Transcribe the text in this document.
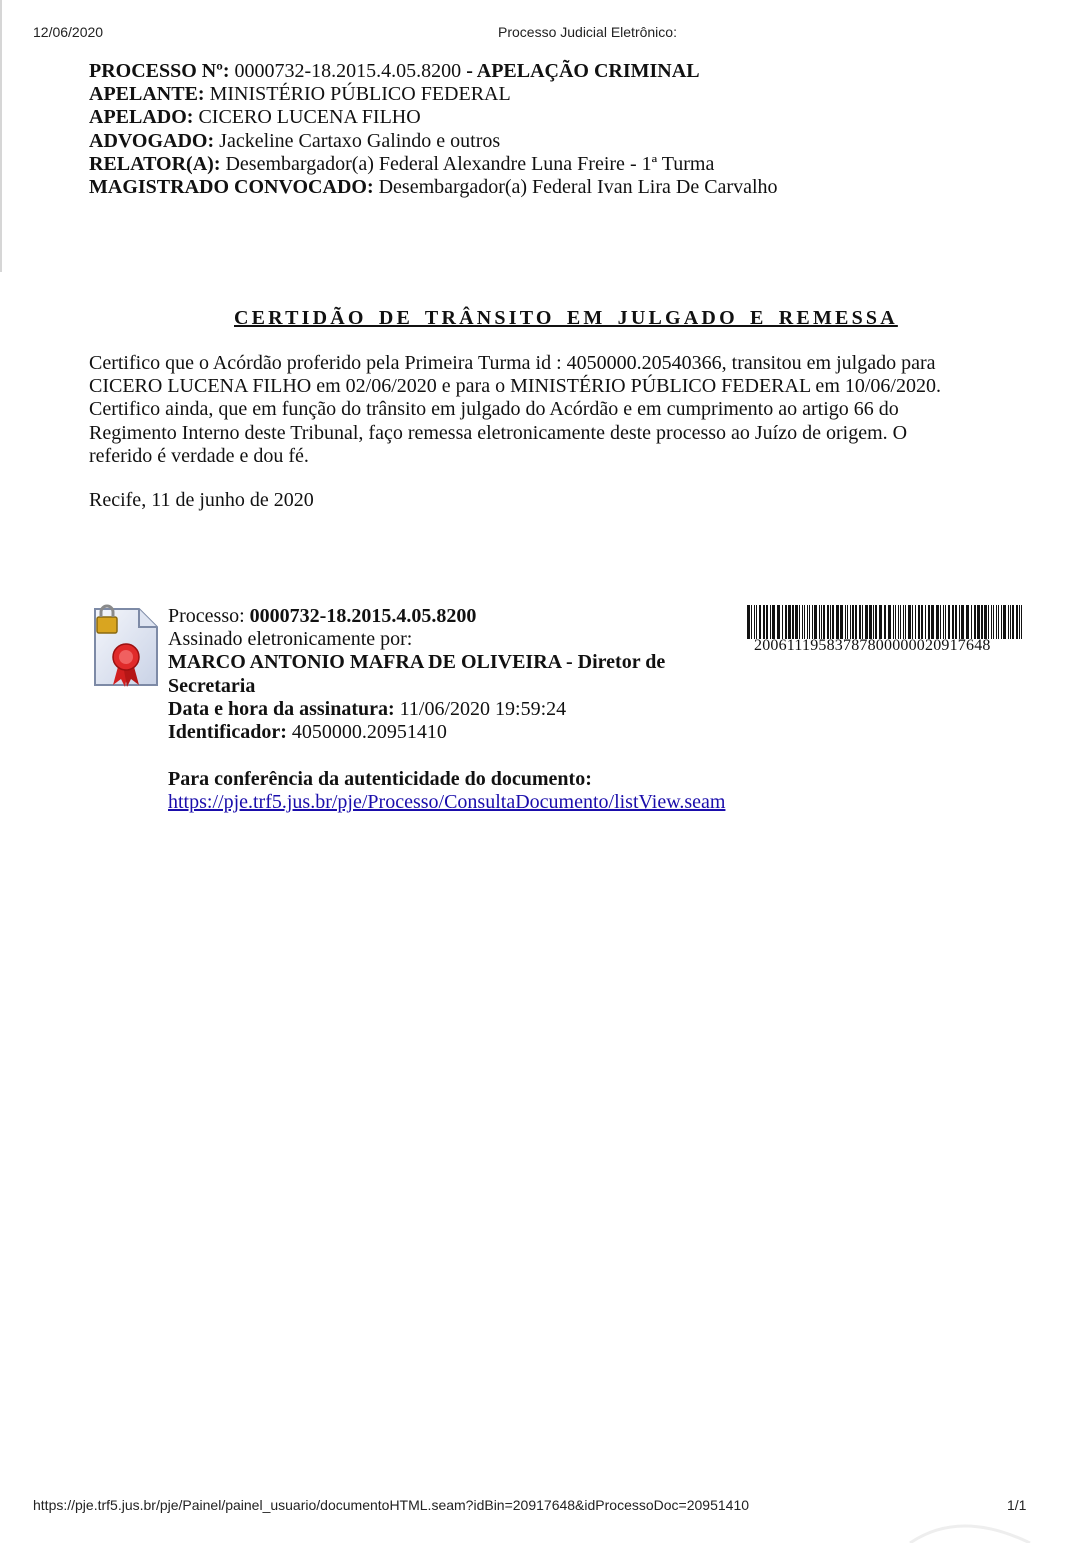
12/06/2020	Processo Judicial Eletrônico:
PROCESSO Nº: 0000732-18.2015.4.05.8200 - APELAÇÃO CRIMINAL
APELANTE: MINISTÉRIO PÚBLICO FEDERAL
APELADO: CICERO LUCENA FILHO
ADVOGADO: Jackeline Cartaxo Galindo e outros
RELATOR(A): Desembargador(a) Federal Alexandre Luna Freire - 1ª Turma
MAGISTRADO CONVOCADO: Desembargador(a) Federal Ivan Lira De Carvalho
CERTIDÃO DE TRÂNSITO EM JULGADO E REMESSA

Certifico que o Acórdão proferido pela Primeira Turma id : 4050000.20540366, transitou em julgado para

CICERO LUCENA FILHO em 02/06/2020 e para o MINISTÉRIO PÚBLICO FEDERAL em 10/06/2020.

Certifico ainda, que em função do trânsito em julgado do Acórdão e em cumprimento ao artigo 66 do

Regimento Interno deste Tribunal, faço remessa eletronicamente deste processo ao Juízo de origem. O

referido é verdade e dou fé.

Recife, 11 de junho de 2020
Processo: 0000732-18.2015.4.05.8200
Assinado eletronicamente por:
MARCO ANTONIO MAFRA DE OLIVEIRA - Diretor de
Secretaria
Data e hora da assinatura: 11/06/2020 19:59:24
Identificador: 4050000.20951410
Para conferência da autenticidade do documento:
https://pje.trf5.jus.br/pje/Processo/ConsultaDocumento/listView.seam
20061119583787800000020917648
https://pje.trf5.jus.br/pje/Painel/painel_usuario/documentoHTML.seam?idBin=20917648&idProcessoDoc=20951410	1/1
